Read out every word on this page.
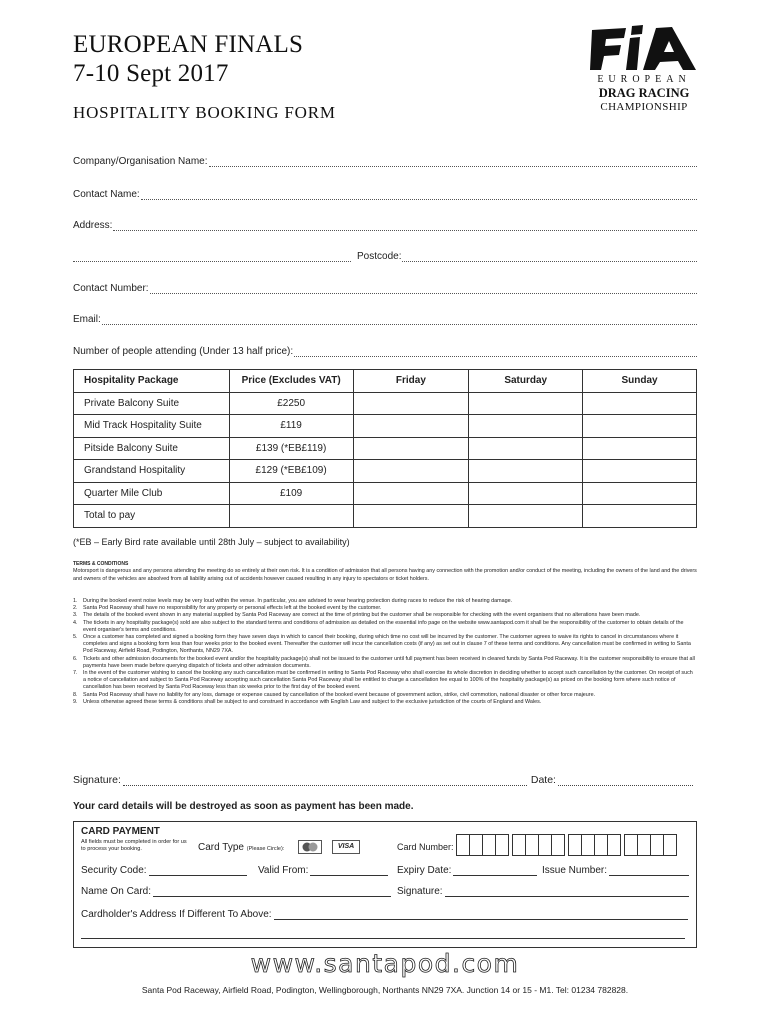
EUROPEAN FINALS
7-10 Sept 2017
HOSPITALITY BOOKING FORM
EUROPEAN
DRAG RACING
CHAMPIONSHIP
Company/Organisation Name:
Contact Name:
Address:
Postcode:
Contact Number:
Email:
Number of people attending (Under 13 half price):
Hospitality Package	Price (Excludes VAT)	Friday	Saturday	Sunday
Private Balcony Suite	£2250			
Mid Track Hospitality Suite	£119			
Pitside Balcony Suite	£139 (*EB£119)			
Grandstand Hospitality	£129 (*EB£109)			
Quarter Mile Club	£109			
Total to pay				
(*EB – Early Bird rate available until 28th July – subject to availability)
TERMS & CONDITIONS
Motorsport is dangerous and any persons attending the meeting do so entirely at their own risk. It is a condition of admission that all persons having any connection with the promotion and/or conduct of the meeting, including the owners of the land and the drivers and owners of the vehicles are absolved from all liability arising out of accidents however caused resulting in any injury to spectators or ticket holders.
1.	During the booked event noise levels may be very loud within the venue. In particular, you are advised to wear hearing protection during races to reduce the risk of hearing damage.
2.	Santa Pod Raceway shall have no responsibility for any property or personal effects left at the booked event by the customer.
3.	The details of the booked event shown in any material supplied by Santa Pod Raceway are correct at the time of printing but the customer shall be responsible for checking with the event organisers that no alterations have been made.
4.	The tickets in any hospitality package(s) sold are also subject to the standard terms and conditions of admission as detailed on the essential info page on the website www.santapod.com it shall be the responsibility of the customer to obtain details of the event organiser's terms and conditions.
5.	Once a customer has completed and signed a booking form they have seven days in which to cancel their booking, during which time no cost will be incurred by the customer. The customer agrees to waive its rights to cancel in circumstances where it completes and signs a booking form less than four weeks prior to the booked event. Thereafter the customer will incur the cancellation costs (if any) as set out in clause 7 of these terms and conditions. Any cancellation must be confirmed in writing to Santa Pod Raceway, Airfield Road, Podington, Northants, NN29 7XA.
6.	Tickets and other admission documents for the booked event and/or the hospitality package(s) shall not be issued to the customer until full payment has been received in cleared funds by Santa Pod Raceway. It is the customer responsibility to ensure that all payments have been made before querying dispatch of tickets and other admission documents.
7.	In the event of the customer wishing to cancel the booking any such cancellation must be confirmed in writing to Santa Pod Raceway who shall exercise its whole discretion in deciding whether to accept such cancellation by the customer. On receipt of such a notice of cancellation and subject to Santa Pod Raceway accepting such cancellation Santa Pod Raceway shall be entitled to charge a cancellation fee equal to 100% of the hospitality package(s) as priced on the booking form where such notice of cancellation has been received by Santa Pod Raceway less than six weeks prior to the first day of the booked event.
8.	Santa Pod Raceway shall have no liability for any loss, damage or expense caused by cancellation of the booked event because of government action, strike, civil commotion, national disaster or other force majeure.
9.	Unless otherwise agreed these terms & conditions shall be subject to and construed in accordance with English Law and subject to the exclusive jurisdiction of the courts of England and Wales.
Signature:	Date:
Your card details will be destroyed as soon as payment has been made.
CARD PAYMENT
All fields must be completed in order for us to process your booking.	Card Type (Please Circle):	VISA	Card Number:
Security Code:	Valid From:	Expiry Date:	Issue Number:
Name On Card:	Signature:
Cardholder's Address If Different To Above:
www.santapod.com
Santa Pod Raceway, Airfield Road, Podington, Wellingborough, Northants NN29 7XA. Junction 14 or 15 - M1. Tel: 01234 782828.
